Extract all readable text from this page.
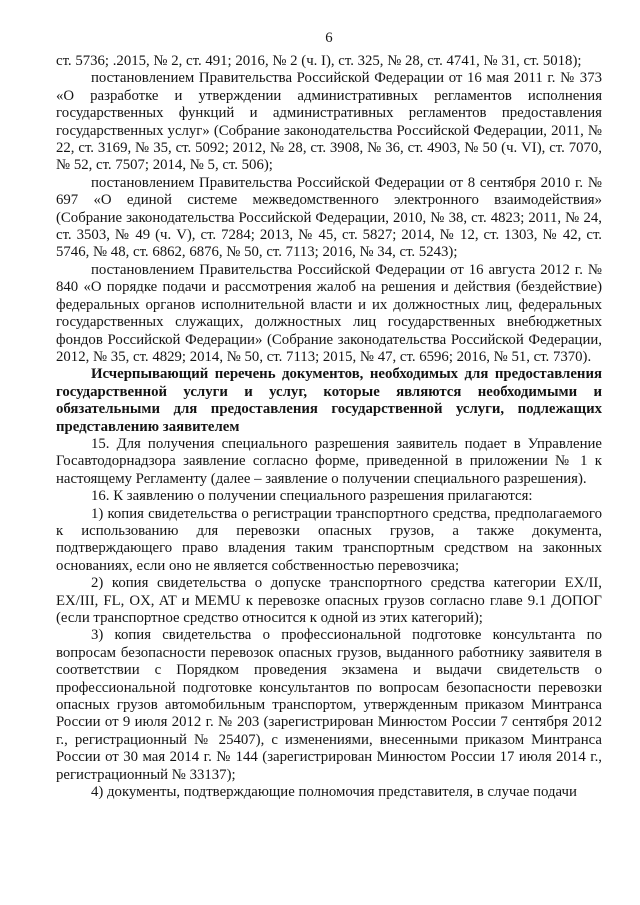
6

ст. 5736; .2015, № 2, ст. 491; 2016, № 2 (ч. I), ст. 325, № 28, ст. 4741, № 31, ст. 5018);

постановлением Правительства Российской Федерации от 16 мая 2011 г. № 373 «О разработке и утверждении административных регламентов исполнения государственных функций и административных регламентов предоставления государственных услуг» (Собрание законодательства Российской Федерации, 2011, № 22, ст. 3169, № 35, ст. 5092; 2012, № 28, ст. 3908, № 36, ст. 4903, № 50 (ч. VI), ст. 7070, № 52, ст. 7507; 2014, № 5, ст. 506);

постановлением Правительства Российской Федерации от 8 сентября 2010 г. № 697 «О единой системе межведомственного электронного взаимодействия» (Собрание законодательства Российской Федерации, 2010, № 38, ст. 4823; 2011, № 24, ст. 3503, № 49 (ч. V), ст. 7284; 2013, № 45, ст. 5827; 2014, № 12, ст. 1303, № 42, ст. 5746, № 48, ст. 6862, 6876, № 50, ст. 7113; 2016, № 34, ст. 5243);

постановлением Правительства Российской Федерации от 16 августа 2012 г. № 840 «О порядке подачи и рассмотрения жалоб на решения и действия (бездействие) федеральных органов исполнительной власти и их должностных лиц, федеральных государственных служащих, должностных лиц государственных внебюджетных фондов Российской Федерации» (Собрание законодательства Российской Федерации, 2012, № 35, ст. 4829; 2014, № 50, ст. 7113; 2015, № 47, ст. 6596; 2016, № 51, ст. 7370).

Исчерпывающий перечень документов, необходимых для предоставления государственной услуги и услуг, которые являются необходимыми и обязательными для предоставления государственной услуги, подлежащих представлению заявителем

15. Для получения специального разрешения заявитель подает в Управление Госавтодорнадзора заявление согласно форме, приведенной в приложении № 1 к настоящему Регламенту (далее – заявление о получении специального разрешения).

16. К заявлению о получении специального разрешения прилагаются:

1) копия свидетельства о регистрации транспортного средства, предполагаемого к использованию для перевозки опасных грузов, а также документа, подтверждающего право владения таким транспортным средством на законных основаниях, если оно не является собственностью перевозчика;

2) копия свидетельства о допуске транспортного средства категории EX/II, EX/III, FL, OX, AT и MEMU к перевозке опасных грузов согласно главе 9.1 ДОПОГ (если транспортное средство относится к одной из этих категорий);

3) копия свидетельства о профессиональной подготовке консультанта по вопросам безопасности перевозок опасных грузов, выданного работнику заявителя в соответствии с Порядком проведения экзамена и выдачи свидетельств о профессиональной подготовке консультантов по вопросам безопасности перевозки опасных грузов автомобильным транспортом, утвержденным приказом Минтранса России от 9 июля 2012 г. № 203 (зарегистрирован Минюстом России 7 сентября 2012 г., регистрационный № 25407), с изменениями, внесенными приказом Минтранса России от 30 мая 2014 г. № 144 (зарегистрирован Минюстом России 17 июля 2014 г., регистрационный № 33137);

4) документы, подтверждающие полномочия представителя, в случае подачи
